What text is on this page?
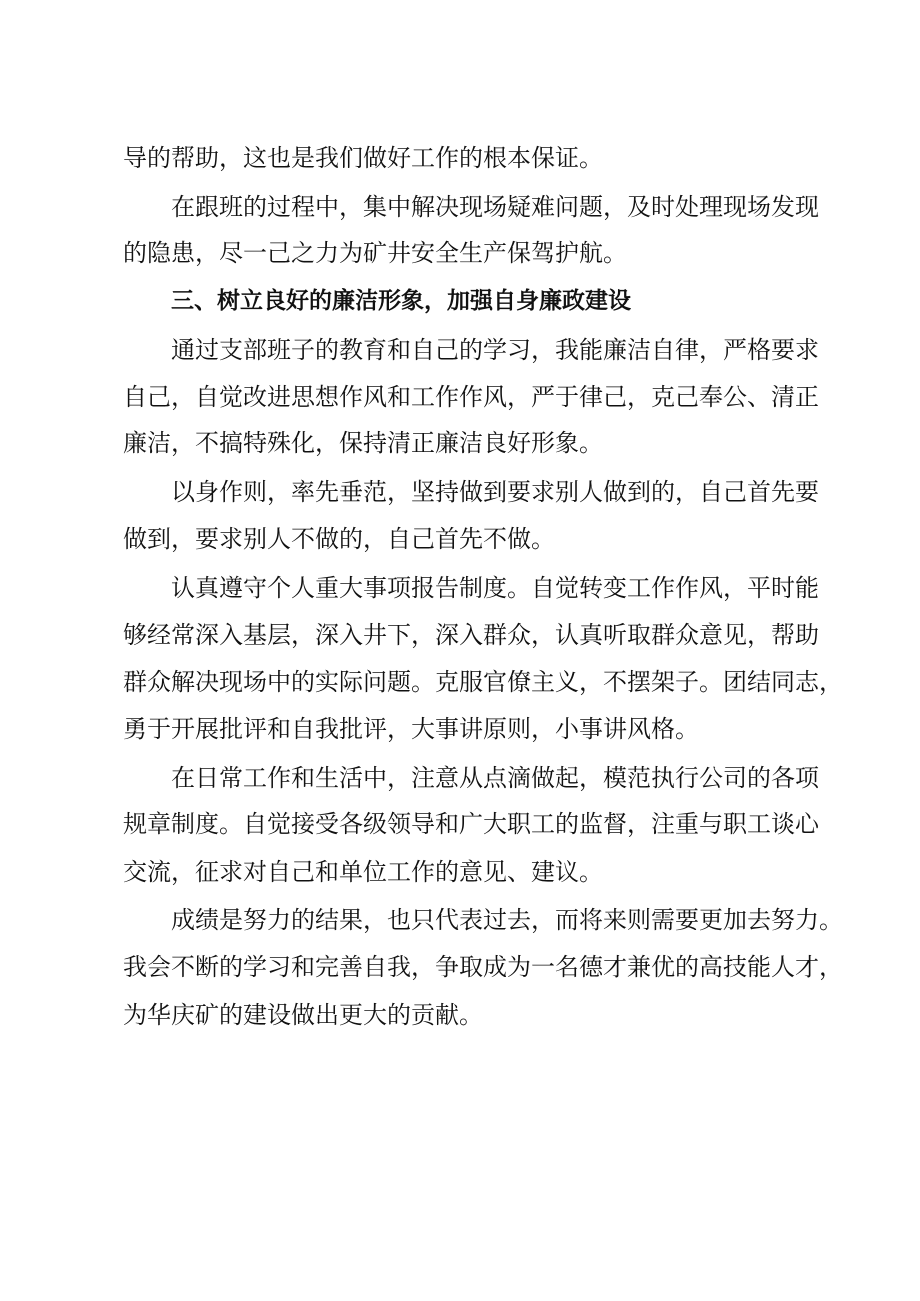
导的帮助，这也是我们做好工作的根本保证。
在跟班的过程中，集中解决现场疑难问题，及时处理现场发现
的隐患，尽一己之力为矿井安全生产保驾护航。
三、树立良好的廉洁形象，加强自身廉政建设
通过支部班子的教育和自己的学习，我能廉洁自律，严格要求
自己，自觉改进思想作风和工作作风，严于律己，克己奉公、清正
廉洁，不搞特殊化，保持清正廉洁良好形象。
以身作则，率先垂范，坚持做到要求别人做到的，自己首先要
做到，要求别人不做的，自己首先不做。
认真遵守个人重大事项报告制度。自觉转变工作作风，平时能
够经常深入基层，深入井下，深入群众，认真听取群众意见，帮助
群众解决现场中的实际问题。克服官僚主义，不摆架子。团结同志，
勇于开展批评和自我批评，大事讲原则，小事讲风格。
在日常工作和生活中，注意从点滴做起，模范执行公司的各项
规章制度。自觉接受各级领导和广大职工的监督，注重与职工谈心
交流，征求对自己和单位工作的意见、建议。
成绩是努力的结果，也只代表过去，而将来则需要更加去努力。
我会不断的学习和完善自我，争取成为一名德才兼优的高技能人才，
为华庆矿的建设做出更大的贡献。
